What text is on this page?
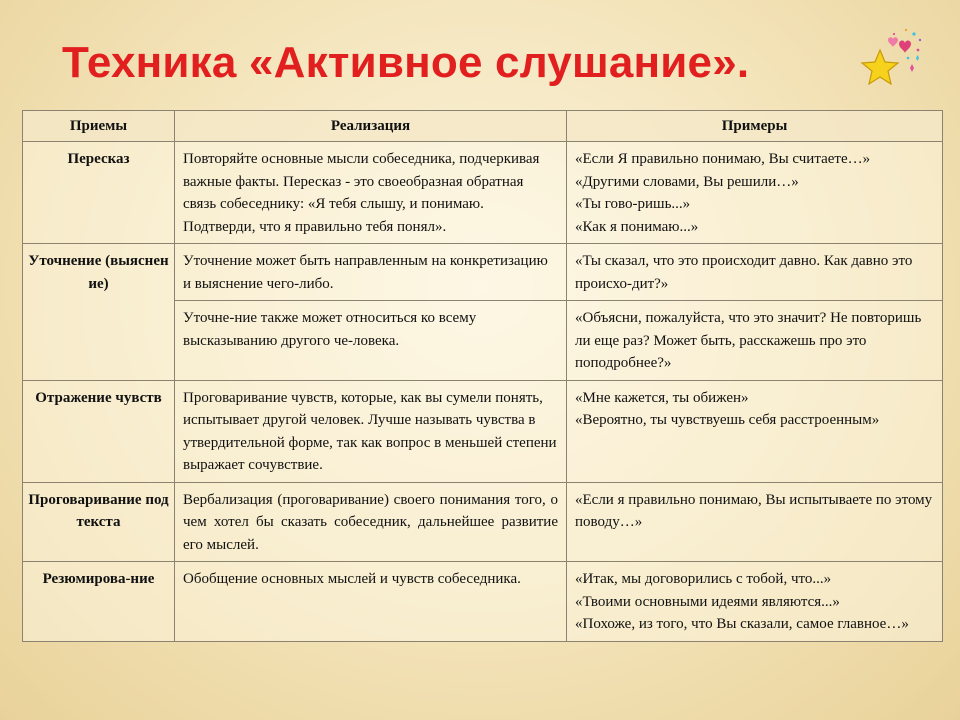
Техника «Активное слушание».
Приемы	Реализация	Примеры
Пересказ	Повторяйте основные мысли собеседника, подчеркивая важные факты. Пересказ - это своеобразная обратная связь собеседнику: «Я тебя слышу, и понимаю. Подтверди, что я правильно тебя понял».	«Если Я правильно понимаю, Вы считаете…»
«Другими словами, Вы решили…»
«Ты гово-ришь...»
«Как я понимаю...»

Уточнение (выяснение)	Уточнение может быть направленным на конкретизацию и выяснение чего-либо.	«Ты сказал, что это происходит давно. Как давно это происхо-дит?»

	Уточне-ние также может относиться ко всему высказыванию другого че-ловека.	«Объясни, пожалуйста, что это значит? Не повторишь ли еще раз? Может быть, расскажешь про это поподробнее?»

Отражение чувств	Проговаривание чувств, которые, как вы сумели понять, испытывает другой человек. Лучше называть чувства в утвердительной форме, так как вопрос в меньшей степени выражает сочувствие.	«Мне кажется, ты обижен»
«Вероятно, ты чувствуешь себя расстроенным»

Проговаривание подтекста	Вербализация (проговаривание) своего понимания того, о чем хотел бы сказать собеседник, дальнейшее развитие его мыслей.	«Если я правильно понимаю, Вы испытываете по этому поводу…»

Резюмирова-ние	Обобщение основных мыслей и чувств собеседника.	«Итак, мы договорились с тобой, что...»
«Твоими основными идеями являются...»
«Похоже, из того, что Вы сказали, самое главное…»
